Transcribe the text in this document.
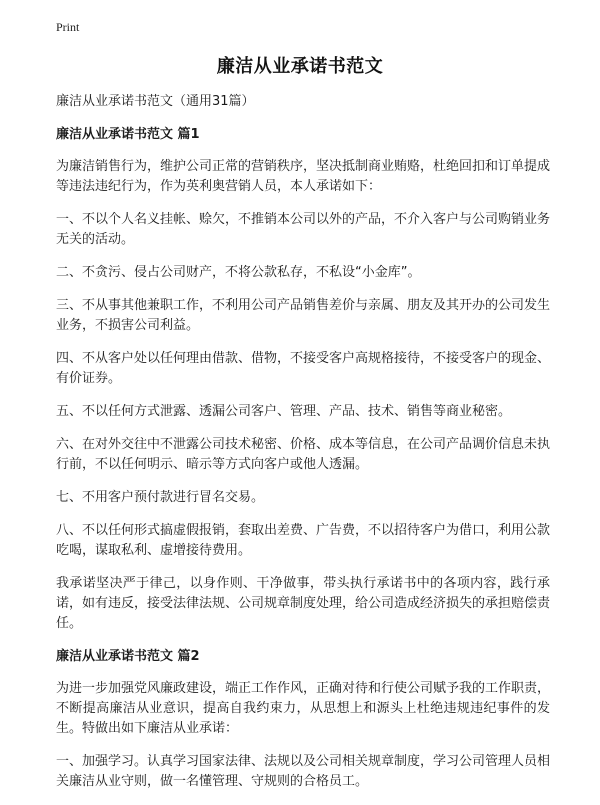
Print
廉洁从业承诺书范文

廉洁从业承诺书范文（通用31篇）

廉洁从业承诺书范文 篇1

为廉洁销售行为，维护公司正常的营销秩序，坚决抵制商业贿赂，杜绝回扣和订单提成等违法违纪行为，作为英利奥营销人员，本人承诺如下：

一、不以个人名义挂帐、赊欠，不推销本公司以外的产品，不介入客户与公司购销业务无关的活动。

二、不贪污、侵占公司财产，不将公款私存，不私设“小金库”。

三、不从事其他兼职工作，不利用公司产品销售差价与亲属、朋友及其开办的公司发生业务，不损害公司利益。

四、不从客户处以任何理由借款、借物，不接受客户高规格接待，不接受客户的现金、有价证券。

五、不以任何方式泄露、透漏公司客户、管理、产品、技术、销售等商业秘密。

六、在对外交往中不泄露公司技术秘密、价格、成本等信息，在公司产品调价信息未执行前，不以任何明示、暗示等方式向客户或他人透漏。

七、不用客户预付款进行冒名交易。

八、不以任何形式搞虚假报销，套取出差费、广告费，不以招待客户为借口，利用公款吃喝，谋取私利、虚增接待费用。

我承诺坚决严于律己，以身作则、干净做事，带头执行承诺书中的各项内容，践行承诺，如有违反，接受法律法规、公司规章制度处理，给公司造成经济损失的承担赔偿责任。

廉洁从业承诺书范文 篇2

为进一步加强党风廉政建设，端正工作作风，正确对待和行使公司赋予我的工作职责，不断提高廉洁从业意识，提高自我约束力，从思想上和源头上杜绝违规违纪事件的发生。特做出如下廉洁从业承诺：

一、加强学习。认真学习国家法律、法规以及公司相关规章制度，学习公司管理人员相关廉洁从业守则，做一名懂管理、守规则的合格员工。
